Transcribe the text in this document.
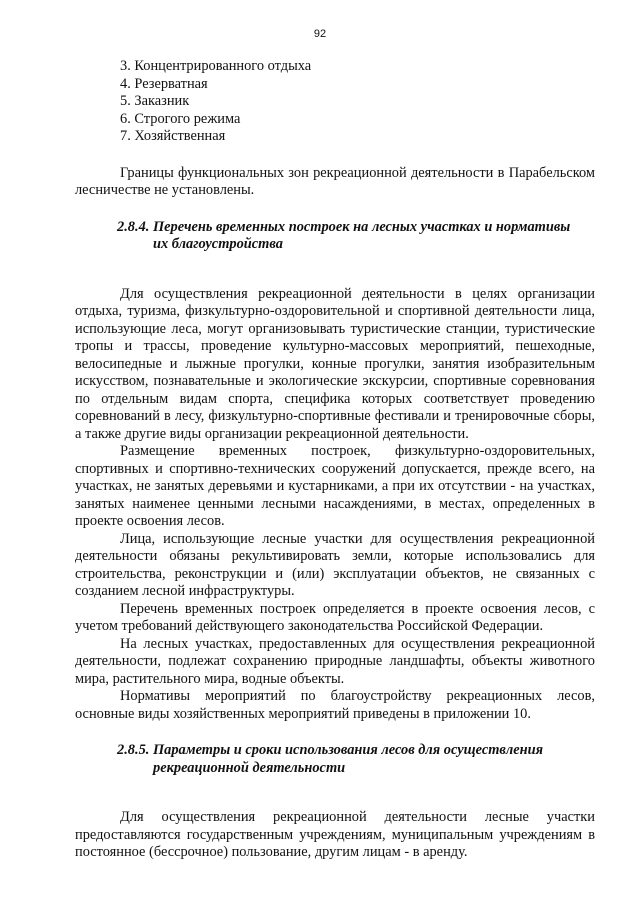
92
3. Концентрированного отдыха
4. Резерватная
5. Заказник
6. Строгого режима
7. Хозяйственная

Границы функциональных зон рекреационной деятельности в Парабельском лесничестве не установлены.

2.8.4. Перечень временных построек на лесных участках и нормативы
их благоустройства

Для осуществления рекреационной деятельности в целях организации отдыха, туризма, физкультурно-оздоровительной и спортивной деятельности лица, использующие леса, могут организовывать туристические станции, туристические тропы и трассы, проведение культурно-массовых мероприятий, пешеходные, велосипедные и лыжные прогулки, конные прогулки, занятия изобразительным искусством, познавательные и экологические экскурсии, спортивные соревнования по отдельным видам спорта, специфика которых соответствует проведению соревнований в лесу, физкультурно-спортивные фестивали и тренировочные сборы, а также другие виды организации рекреационной деятельности.

Размещение временных построек, физкультурно-оздоровительных, спортивных и спортивно-технических сооружений допускается, прежде всего, на участках, не занятых деревьями и кустарниками, а при их отсутствии - на участках, занятых наименее ценными лесными насаждениями, в местах, определенных в проекте освоения лесов.

Лица, использующие лесные участки для осуществления рекреационной деятельности обязаны рекультивировать земли, которые использовались для строительства, реконструкции и (или) эксплуатации объектов, не связанных с созданием лесной инфраструктуры.

Перечень временных построек определяется в проекте освоения лесов, с учетом требований действующего законодательства Российской Федерации.

На лесных участках, предоставленных для осуществления рекреационной деятельности, подлежат сохранению природные ландшафты, объекты животного мира, растительного мира, водные объекты.

Нормативы мероприятий по благоустройству рекреационных лесов, основные виды хозяйственных мероприятий приведены в приложении 10.

2.8.5. Параметры и сроки использования лесов для осуществления
рекреационной деятельности

Для осуществления рекреационной деятельности лесные участки предоставляются государственным учреждениям, муниципальным учреждениям в постоянное (бессрочное) пользование, другим лицам - в аренду.
